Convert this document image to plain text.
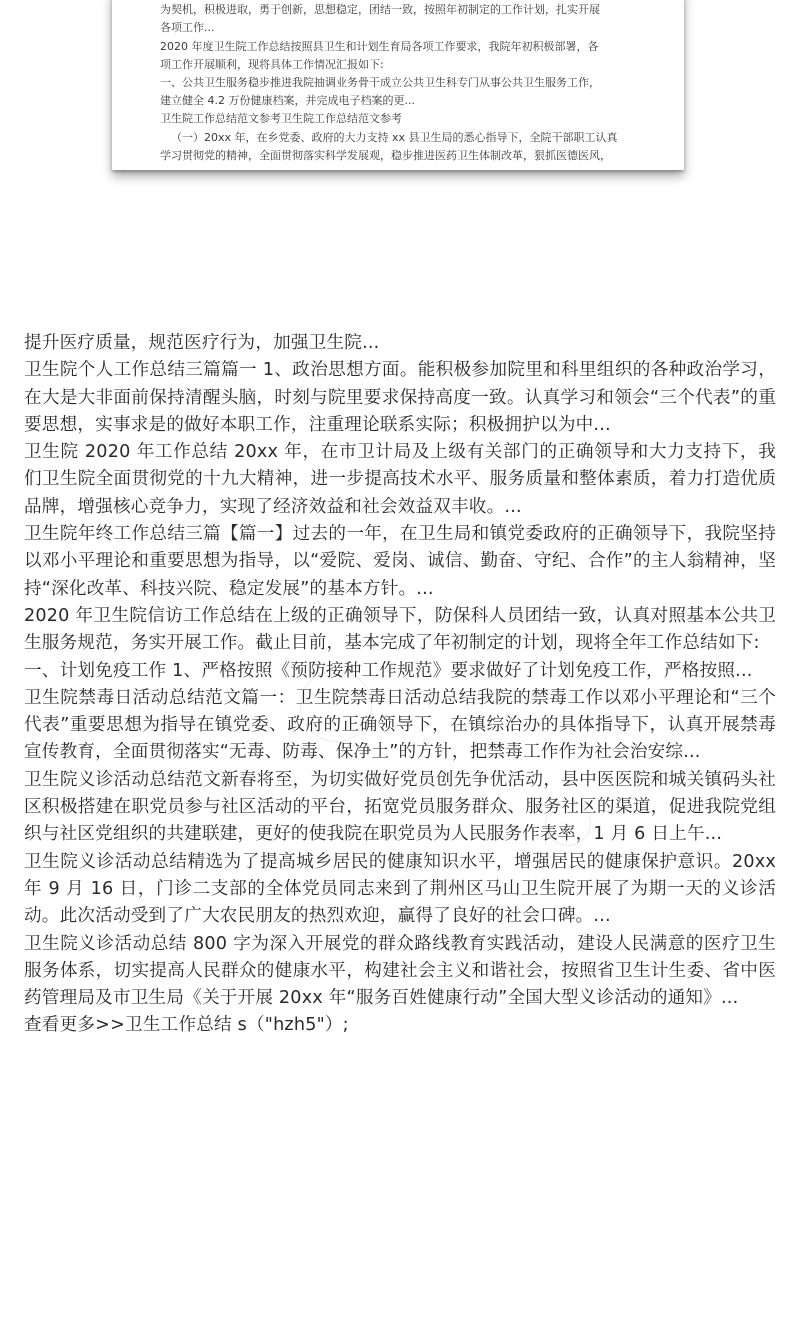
为契机，积极进取，勇于创新，思想稳定，团结一致，按照年初制定的工作计划，扎实开展
各项工作...
2020 年度卫生院工作总结按照县卫生和计划生育局各项工作要求，我院年初积极部署，各
项工作开展顺利，现将具体工作情况汇报如下:
一、公共卫生服务稳步推进我院抽调业务骨干成立公共卫生科专门从事公共卫生服务工作，
建立健全 4.2 万份健康档案，并完成电子档案的更...
卫生院工作总结范文参考卫生院工作总结范文参考
（一）20xx 年，在乡党委、政府的大力支持 xx 县卫生局的悉心指导下，全院干部职工认真
学习贯彻党的精神，全面贯彻落实科学发展观，稳步推进医药卫生体制改革，狠抓医德医风，

提升医疗质量，规范医疗行为，加强卫生院...

卫生院个人工作总结三篇篇一 1、政治思想方面。能积极参加院里和科里组织的各种政治学习，在大是大非面前保持清醒头脑，时刻与院里要求保持高度一致。认真学习和领会“三个代表”的重要思想，实事求是的做好本职工作，注重理论联系实际；积极拥护以为中...

卫生院 2020 年工作总结 20xx 年，在市卫计局及上级有关部门的正确领导和大力支持下，我们卫生院全面贯彻党的十九大精神，进一步提高技术水平、服务质量和整体素质，着力打造优质品牌，增强核心竞争力，实现了经济效益和社会效益双丰收。...

卫生院年终工作总结三篇【篇一】过去的一年，在卫生局和镇党委政府的正确领导下，我院坚持以邓小平理论和重要思想为指导，以“爱院、爱岗、诚信、勤奋、守纪、合作”的主人翁精神，坚持“深化改革、科技兴院、稳定发展”的基本方针。...

2020 年卫生院信访工作总结在上级的正确领导下，防保科人员团结一致，认真对照基本公共卫生服务规范，务实开展工作。截止目前，基本完成了年初制定的计划，现将全年工作总结如下:

一、计划免疫工作 1、严格按照《预防接种工作规范》要求做好了计划免疫工作，严格按照...

卫生院禁毒日活动总结范文篇一：卫生院禁毒日活动总结我院的禁毒工作以邓小平理论和“三个代表”重要思想为指导在镇党委、政府的正确领导下，在镇综治办的具体指导下，认真开展禁毒宣传教育，全面贯彻落实“无毒、防毒、保净土”的方针，把禁毒工作作为社会治安综...

卫生院义诊活动总结范文新春将至，为切实做好党员创先争优活动，县中医医院和城关镇码头社区积极搭建在职党员参与社区活动的平台，拓宽党员服务群众、服务社区的渠道，促进我院党组织与社区党组织的共建联建，更好的使我院在职党员为人民服务作表率，1 月 6 日上午...

卫生院义诊活动总结精选为了提高城乡居民的健康知识水平，增强居民的健康保护意识。20xx 年 9 月 16 日，门诊二支部的全体党员同志来到了荆州区马山卫生院开展了为期一天的义诊活动。此次活动受到了广大农民朋友的热烈欢迎，赢得了良好的社会口碑。...

卫生院义诊活动总结 800 字为深入开展党的群众路线教育实践活动，建设人民满意的医疗卫生服务体系，切实提高人民群众的健康水平，构建社会主义和谐社会，按照省卫生计生委、省中医药管理局及市卫生局《关于开展 20xx 年“服务百姓健康行动”全国大型义诊活动的通知》...

查看更多>>卫生工作总结 s（"hzh5"）;
